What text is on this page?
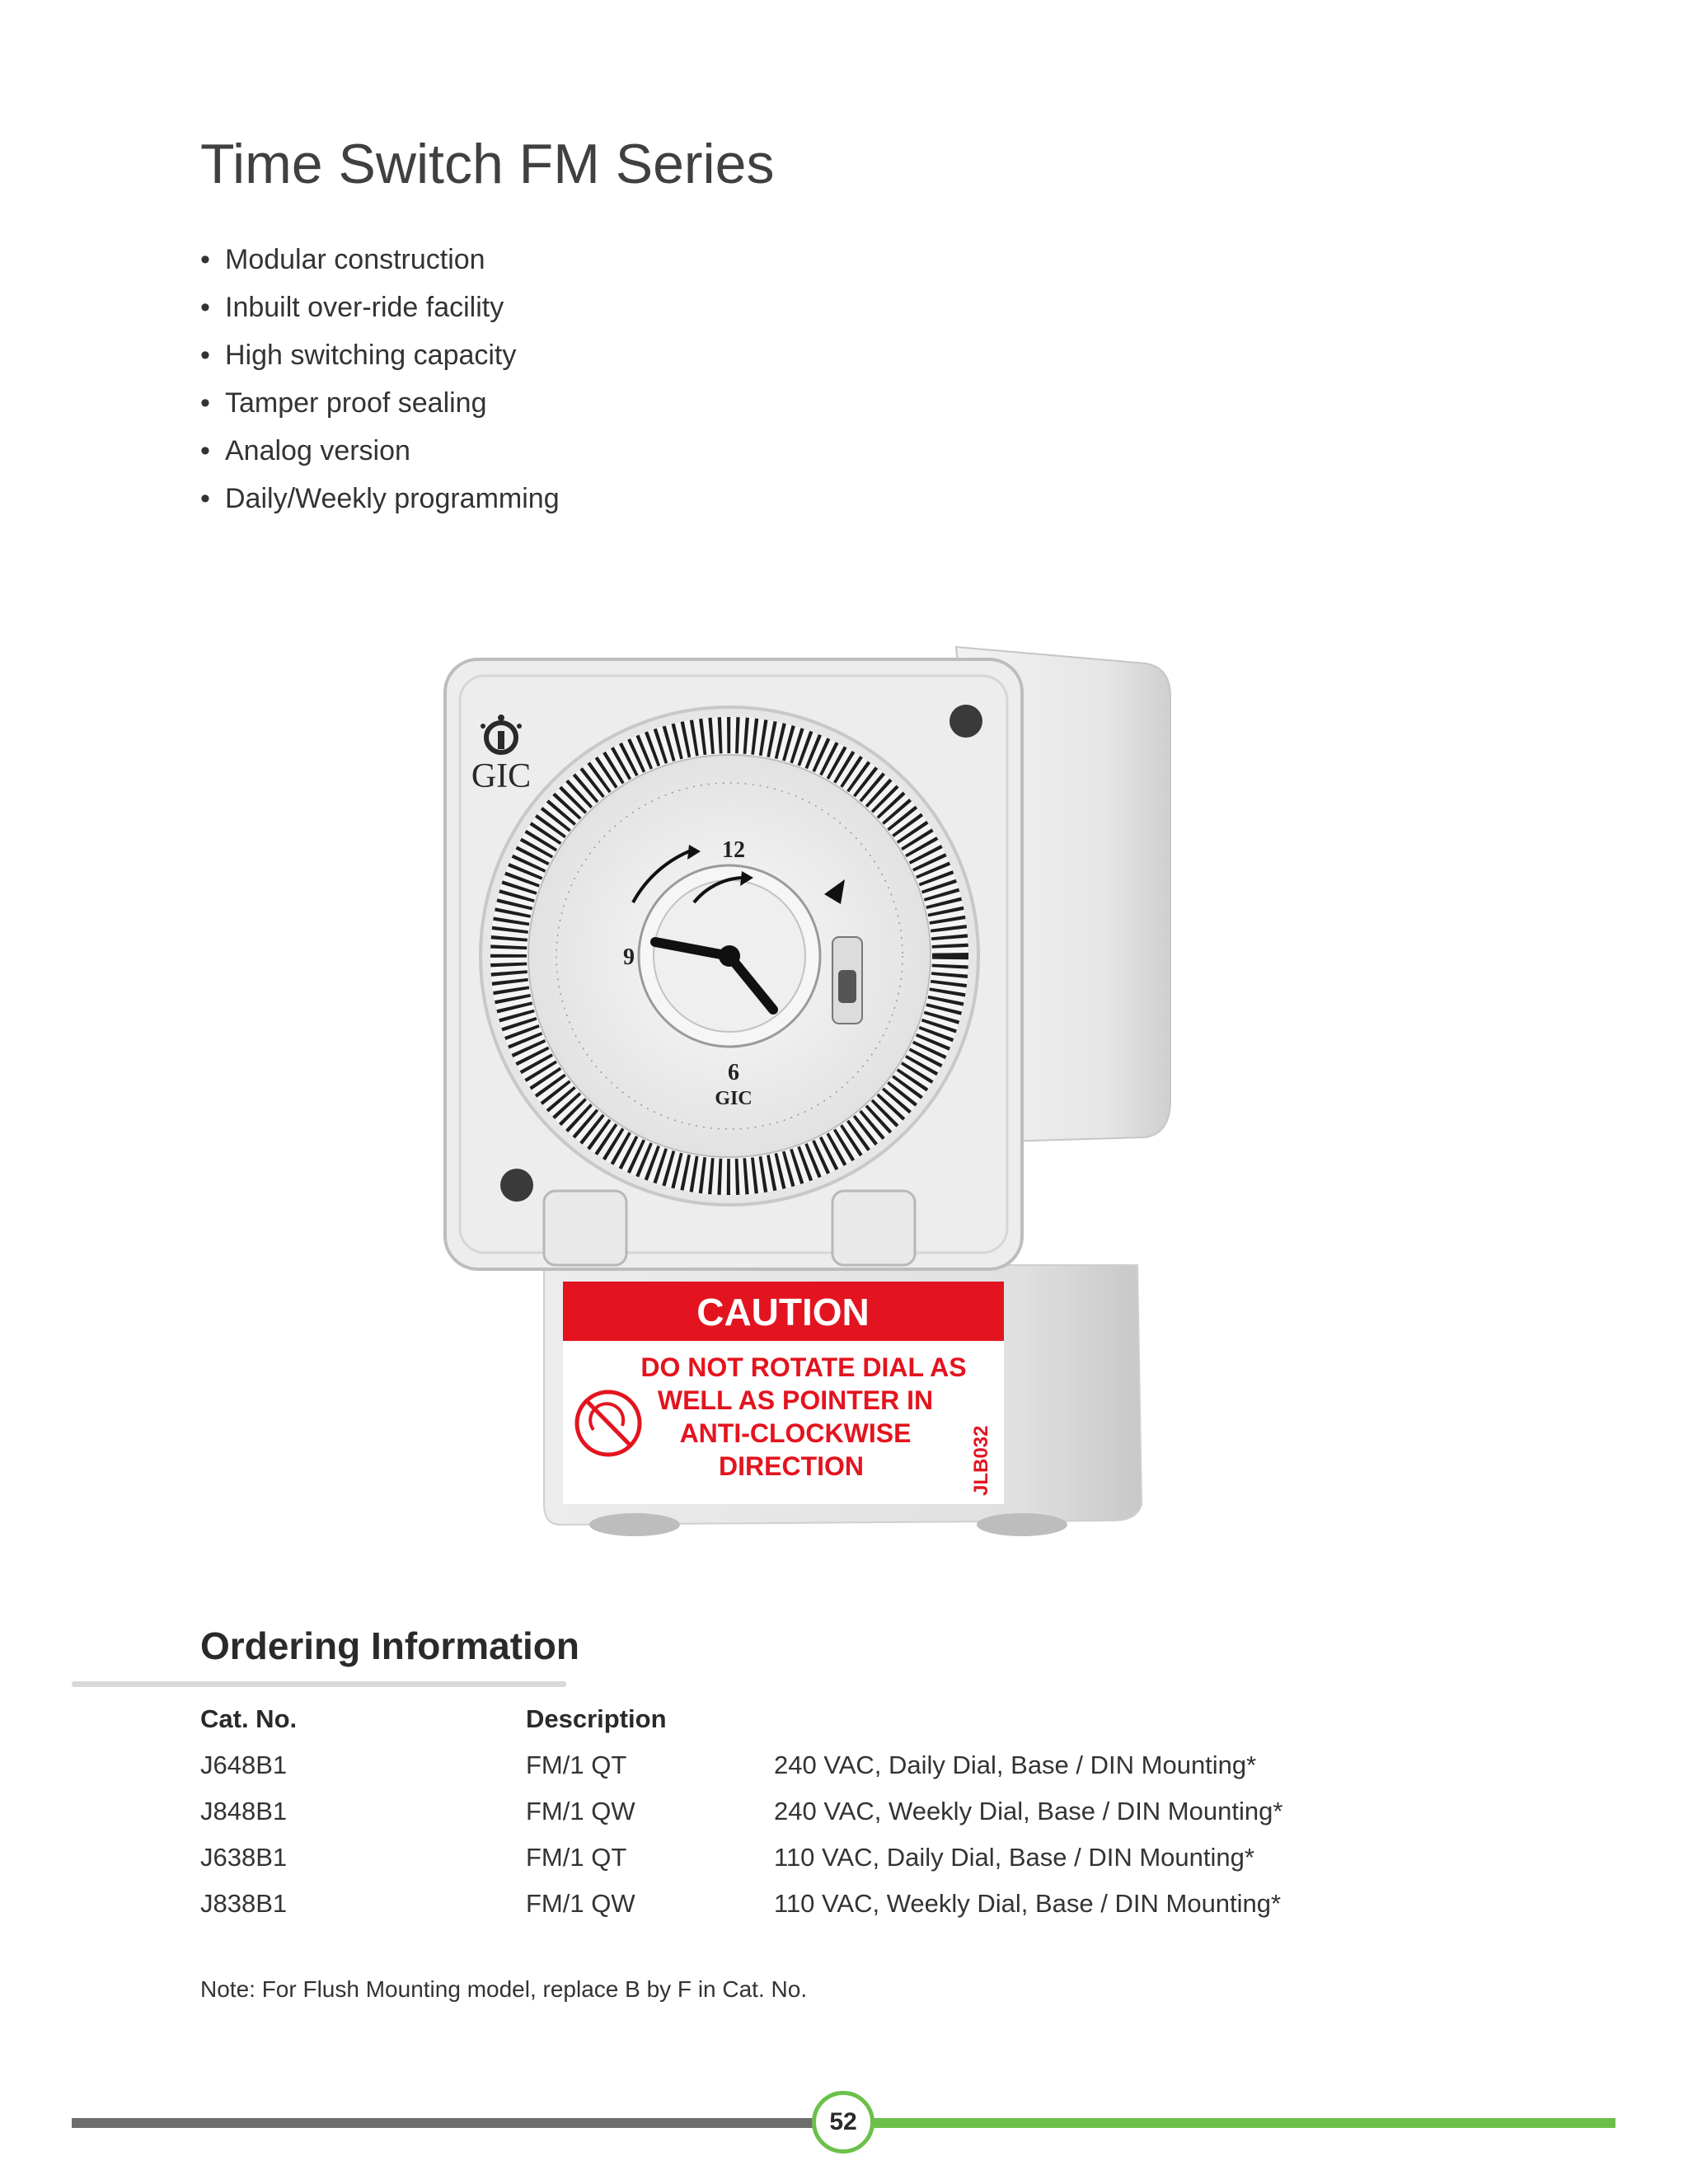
Time Switch FM Series
• Modular construction
• Inbuilt over-ride facility
• High switching capacity
• Tamper proof sealing
• Analog version
• Daily/Weekly programming
GIC
12
9
6
GIC
CAUTION
DO NOT ROTATE DIAL AS
WELL AS POINTER IN
ANTI-CLOCKWISE
DIRECTION	JLB032
Ordering Information
Cat. No.	Description
J648B1	FM/1 QT	240 VAC, Daily Dial, Base / DIN Mounting*
J848B1	FM/1 QW	240 VAC, Weekly Dial, Base / DIN Mounting*
J638B1	FM/1 QT	110 VAC, Daily Dial, Base / DIN Mounting*
J838B1	FM/1 QW	110 VAC, Weekly Dial, Base / DIN Mounting*
Note: For Flush Mounting model, replace B by F in Cat. No.
52
